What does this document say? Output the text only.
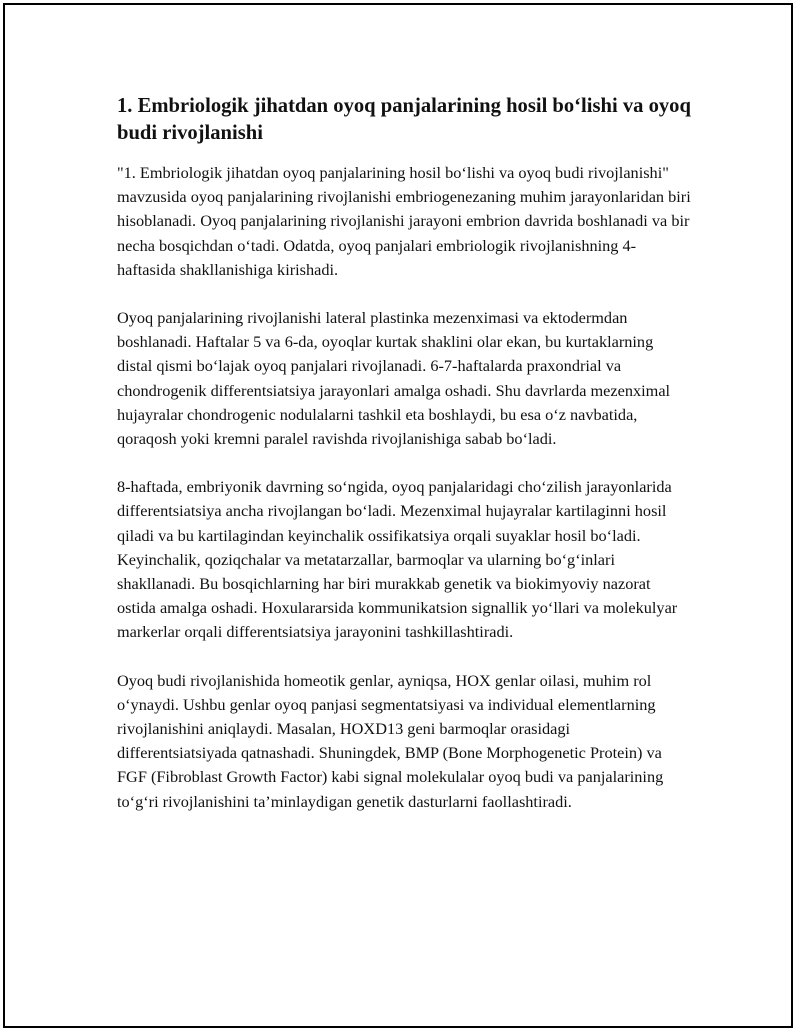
1. Embriologik jihatdan oyoq panjalarining hosil bo‘lishi va oyoq budi rivojlanishi

"1. Embriologik jihatdan oyoq panjalarining hosil bo‘lishi va oyoq budi rivojlanishi" mavzusida oyoq panjalarining rivojlanishi embriogenezaning muhim jarayonlaridan biri hisoblanadi. Oyoq panjalarining rivojlanishi jarayoni embrion davrida boshlanadi va bir necha bosqichdan o‘tadi. Odatda, oyoq panjalari embriologik rivojlanishning 4-haftasida shakllanishiga kirishadi.

Oyoq panjalarining rivojlanishi lateral plastinka mezenximasi va ektodermdan boshlanadi. Haftalar 5 va 6-da, oyoqlar kurtak shaklini olar ekan, bu kurtaklarning distal qismi bo‘lajak oyoq panjalari rivojlanadi. 6-7-haftalarda praxondrial va chondrogenik differentsiatsiya jarayonlari amalga oshadi. Shu davrlarda mezenximal hujayralar chondrogenic nodulalarni tashkil eta boshlaydi, bu esa o‘z navbatida, qoraqosh yoki kremni paralel ravishda rivojlanishiga sabab bo‘ladi.

8-haftada, embriyonik davrning so‘ngida, oyoq panjalaridagi cho‘zilish jarayonlarida differentsiatsiya ancha rivojlangan bo‘ladi. Mezenximal hujayralar kartilaginni hosil qiladi va bu kartilagindan keyinchalik ossifikatsiya orqali suyaklar hosil bo‘ladi. Keyinchalik, qoziqchalar va metatarzallar, barmoqlar va ularning bo‘g‘inlari shakllanadi. Bu bosqichlarning har biri murakkab genetik va biokimyoviy nazorat ostida amalga oshadi. Hoxulararsida kommunikatsion signallik yo‘llari va molekulyar markerlar orqali differentsiatsiya jarayonini tashkillashtiradi.

Oyoq budi rivojlanishida homeotik genlar, ayniqsa, HOX genlar oilasi, muhim rol o‘ynaydi. Ushbu genlar oyoq panjasi segmentatsiyasi va individual elementlarning rivojlanishini aniqlaydi. Masalan, HOXD13 geni barmoqlar orasidagi differentsiatsiyada qatnashadi. Shuningdek, BMP (Bone Morphogenetic Protein) va FGF (Fibroblast Growth Factor) kabi signal molekulalar oyoq budi va panjalarining to‘g‘ri rivojlanishini ta’minlaydigan genetik dasturlarni faollashtiradi.
